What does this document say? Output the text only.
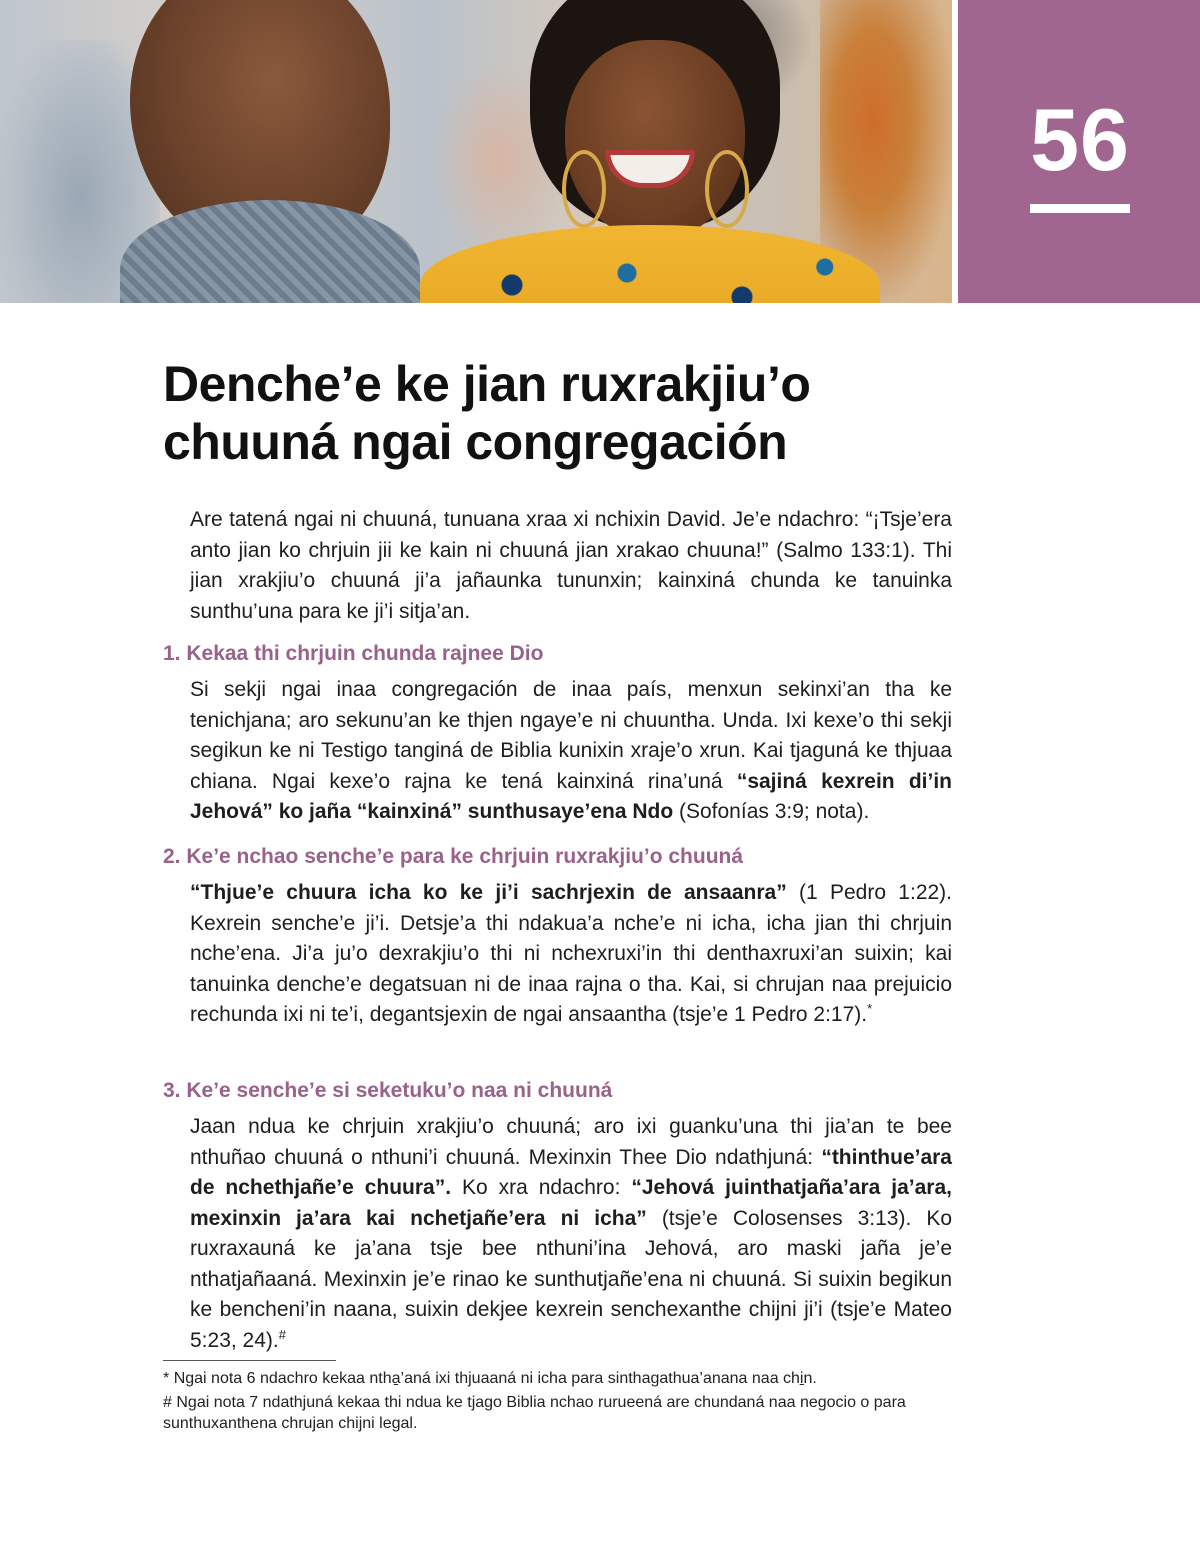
56
Denche’e ke jian ruxrakjiu’o
chuuná ngai congregación

Are tatená ngai ni chuuná, tunuana xraa xi nchixin David. Je’e ndachro: “¡Tsje’era anto jian ko chrjuin jii ke kain ni chuuná jian xrakao chuuna!” (Salmo 133:1). Thi jian xrakjiu’o chuuná ji’a jañaunka tununxin; kainxiná chunda ke tanuinka sunthu’una para ke ji’i sitja’an.

1. Kekaa thi chrjuin chunda rajnee Dio

Si sekji ngai inaa congregación de inaa país, menxun sekinxi’an tha ke tenichjana; aro sekunu’an ke thjen ngaye’e ni chuuntha. Unda. Ixi kexe’o thi sekji segikun ke ni Testigo tanginá de Biblia kunixin xraje’o xrun. Kai tjaguná ke thjuaa chiana. Ngai kexe’o rajna ke tená kainxiná rina’uná “sajiná kexrein di’in Jehová” ko jaña “kainxiná” sunthusaye’ena Ndo (Sofonías 3:9; nota).

2. Ke’e nchao senche’e para ke chrjuin ruxrakjiu’o chuuná

“Thjue’e chuura icha ko ke ji’i sachrjexin de ansaanra” (1 Pedro 1:22). Kexrein senche’e ji’i. Detsje’a thi ndakua’a nche’e ni icha, icha jian thi chrjuin nche’ena. Ji’a ju’o dexrakjiu’o thi ni nchexruxi’in thi denthaxruxi’an suixin; kai tanuinka denche’e degatsuan ni de inaa rajna o tha. Kai, si chrujan naa prejuicio rechunda ixi ni te’i, degantsjexin de ngai ansaantha (tsje’e 1 Pedro 2:17).*

3. Ke’e senche’e si seketuku’o naa ni chuuná

Jaan ndua ke chrjuin xrakjiu’o chuuná; aro ixi guanku’una thi jia’an te bee nthuñao chuuná o nthuni’i chuuná. Mexinxin Thee Dio ndathjuná: “thinthue’ara de nchethjañe’e chuura”. Ko xra ndachro: “Jehová juinthatjaña’ara ja’ara, mexinxin ja’ara kai nchetjañe’era ni icha” (tsje’e Colosenses 3:13). Ko ruxraxauná ke ja’ana tsje bee nthuni’ina Jehová, aro maski jaña je’e nthatjañaaná. Mexinxin je’e rinao ke sunthutjañe’ena ni chuuná. Si suixin begikun ke bencheni’in naana, suixin dekjee kexrein senchexanthe chijni ji’i (tsje’e Mateo 5:23, 24).#

* Ngai nota 6 ndachro kekaa ntha̱’aná ixi thjuaaná ni icha para sinthagathua’anana naa chi̱n.

# Ngai nota 7 ndathjuná kekaa thi ndua ke tjago Biblia nchao rurueená are chundaná naa negocio o para sunthuxanthena chrujan chijni legal.
